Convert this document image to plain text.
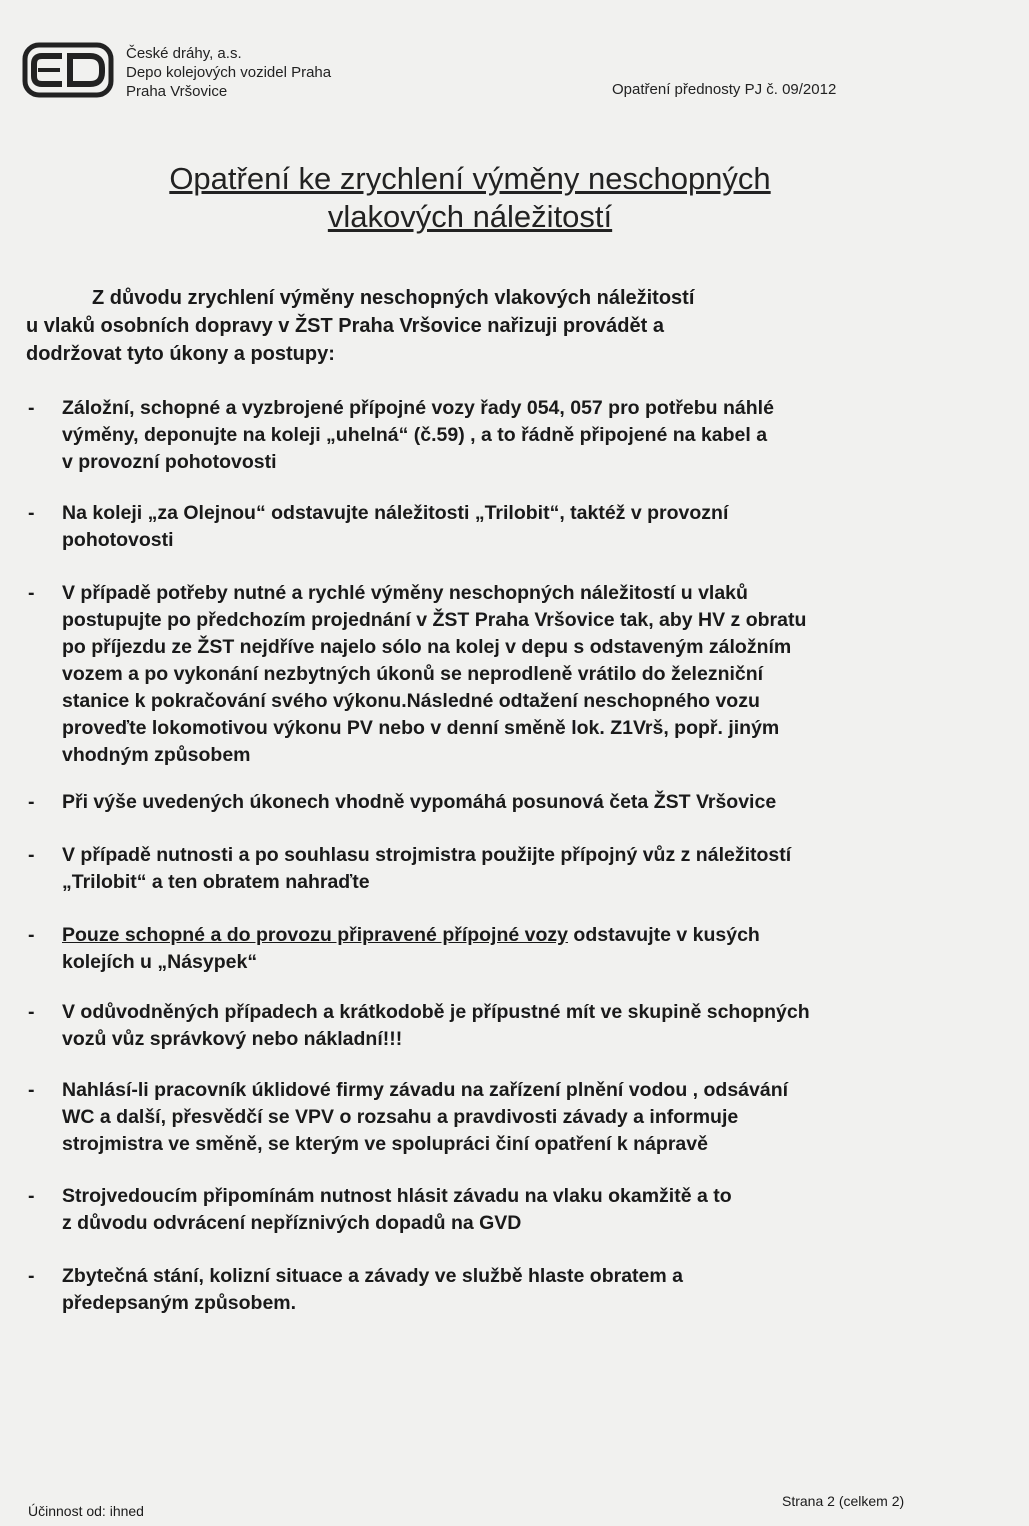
České dráhy, a.s.
Depo kolejových vozidel Praha
Praha Vršovice	Opatření přednosty PJ č. 09/2012
Opatření ke zrychlení výměny neschopných
vlakových náležitostí
Z důvodu zrychlení výměny neschopných vlakových náležitostí
u vlaků osobních dopravy v ŽST Praha Vršovice nařizuji provádět a
dodržovat tyto úkony a postupy:
- Záložní, schopné a vyzbrojené přípojné vozy řady 054, 057 pro potřebu náhlé
výměny, deponujte na koleji „uhelná“ (č.59) , a to řádně připojené na kabel a
v provozní pohotovosti
- Na koleji „za Olejnou“ odstavujte náležitosti „Trilobit“, taktéž v provozní
pohotovosti
- V případě potřeby nutné a rychlé výměny neschopných náležitostí u vlaků
postupujte po předchozím projednání v ŽST Praha Vršovice tak, aby HV z obratu
po příjezdu ze ŽST nejdříve najelo sólo na kolej v depu s odstaveným záložním
vozem a po vykonání nezbytných úkonů se neprodleně vrátilo do železniční
stanice k pokračování svého výkonu.Následné odtažení neschopného vozu
proveďte lokomotivou výkonu PV nebo v denní směně lok. Z1Vrš, popř. jiným
vhodným způsobem
- Při výše uvedených úkonech vhodně vypomáhá posunová četa ŽST Vršovice
- V případě nutnosti a po souhlasu strojmistra použijte přípojný vůz z náležitostí
„Trilobit“ a ten obratem nahraďte
- Pouze schopné a do provozu připravené přípojné vozy odstavujte v kusých
kolejích u „Násypek“
- V odůvodněných případech a krátkodobě je přípustné mít ve skupině schopných
vozů vůz správkový nebo nákladní!!!
- Nahlásí-li pracovník úklidové firmy závadu na zařízení plnění vodou , odsávání
WC a další, přesvědčí se VPV o rozsahu a pravdivosti závady a informuje
strojmistra ve směně, se kterým ve spolupráci činí opatření k nápravě
- Strojvedoucím připomínám nutnost hlásit závadu na vlaku okamžitě a to
z důvodu odvrácení nepříznivých dopadů na GVD
- Zbytečná stání, kolizní situace a závady ve službě hlaste obratem a
předepsaným způsobem.
Účinnost od: ihned
Strana 2 (celkem 2)
